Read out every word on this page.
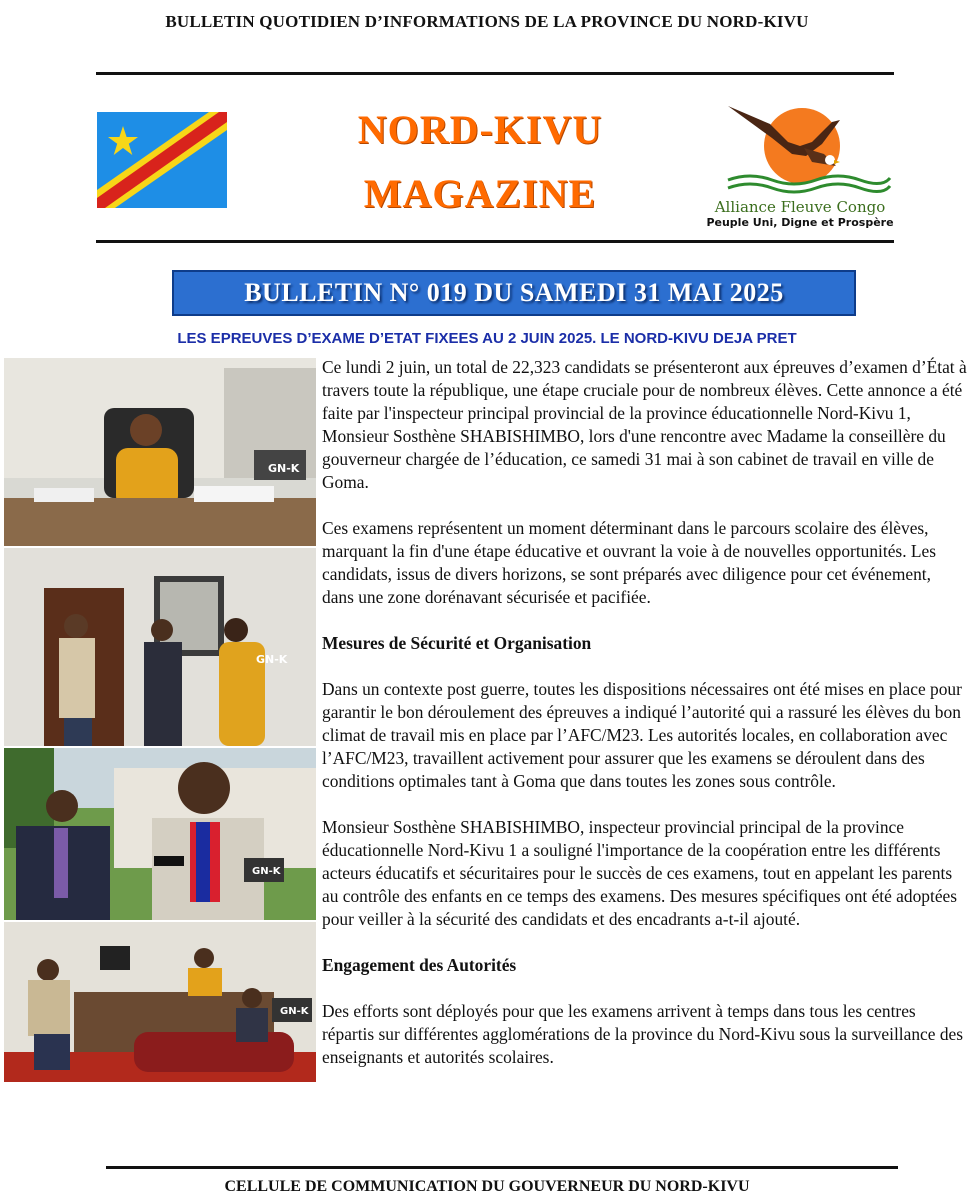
BULLETIN QUOTIDIEN D’INFORMATIONS DE LA PROVINCE DU NORD-KIVU
NORD-KIVU
MAGAZINE	Alliance Fleuve Congo
Peuple Uni, Digne et Prospère
BULLETIN N° 019 DU SAMEDI 31 MAI 2025
LES EPREUVES D’EXAME D’ETAT FIXEES AU 2 JUIN 2025. LE NORD-KIVU DEJA PRET
GN-K
GN-K
GN-K
GN-K

Ce lundi 2 juin, un total de 22,323 candidats se présenteront aux épreuves d’examen d’État à travers toute la république, une étape cruciale pour de nombreux élèves. Cette annonce a été faite par l'inspecteur principal provincial de la province éducationnelle Nord-Kivu 1, Monsieur Sosthène SHABISHIMBO, lors d'une rencontre avec Madame la conseillère du gouverneur chargée de l’éducation, ce samedi 31 mai à son cabinet de travail en ville de Goma.

Ces examens représentent un moment déterminant dans le parcours scolaire des élèves, marquant la fin d'une étape éducative et ouvrant la voie à de nouvelles opportunités. Les candidats, issus de divers horizons, se sont préparés avec diligence pour cet événement, dans une zone dorénavant sécurisée et pacifiée.

Mesures de Sécurité et Organisation

Dans un contexte post guerre, toutes les dispositions nécessaires ont été mises en place pour garantir le bon déroulement des épreuves a indiqué l’autorité qui a rassuré les élèves du bon climat de travail mis en place par l’AFC/M23. Les autorités locales, en collaboration avec l’AFC/M23, travaillent activement pour assurer que les examens se déroulent dans des conditions optimales tant à Goma que dans toutes les zones sous contrôle.

Monsieur Sosthène SHABISHIMBO, inspecteur provincial principal de la province éducationnelle Nord-Kivu 1 a souligné l'importance de la coopération entre les différents acteurs éducatifs et sécuritaires pour le succès de ces examens, tout en appelant les parents au contrôle des enfants en ce temps des examens. Des mesures spécifiques ont été adoptées pour veiller à la sécurité des candidats et des encadrants a-t-il ajouté.

Engagement des Autorités

Des efforts sont déployés pour que les examens arrivent à temps dans tous les centres répartis sur différentes agglomérations de la province du Nord-Kivu sous la surveillance des enseignants et autorités scolaires.

CELLULE DE COMMUNICATION DU GOUVERNEUR DU NORD-KIVU
